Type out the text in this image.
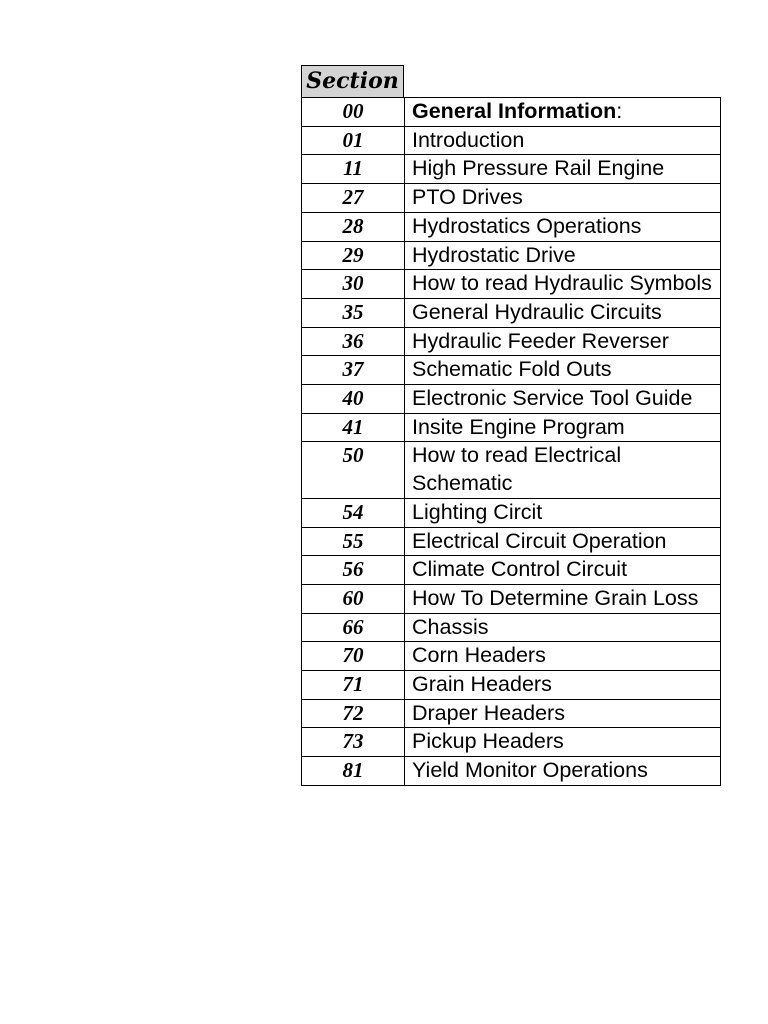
Section
00	General Information:
01	Introduction
11	High Pressure Rail Engine
27	PTO Drives
28	Hydrostatics Operations
29	Hydrostatic Drive
30	How to read Hydraulic Symbols
35	General Hydraulic Circuits
36	Hydraulic Feeder Reverser
37	Schematic Fold Outs
40	Electronic Service Tool Guide
41	Insite Engine Program
50	How to read Electrical Schematic
54	Lighting Circit
55	Electrical Circuit Operation
56	Climate Control Circuit
60	How To Determine Grain Loss
66	Chassis
70	Corn Headers
71	Grain Headers
72	Draper Headers
73	Pickup Headers
81	Yield Monitor Operations
